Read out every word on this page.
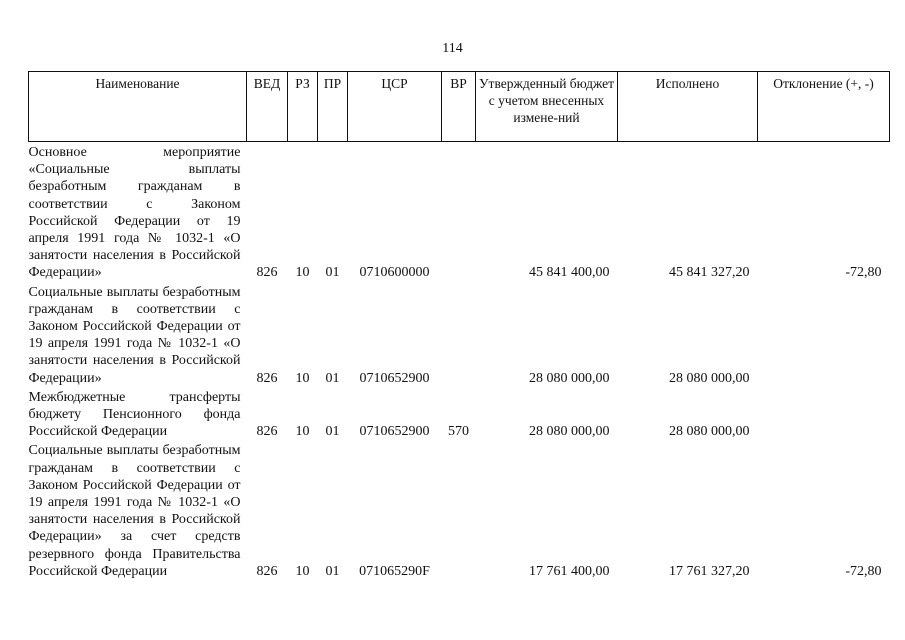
114
Наименование	ВЕД	РЗ	ПР	ЦСР	ВР	Утвержденный бюджет с учетом внесенных измене-ний	Исполнено	Отклонение (+, -)
Основное мероприятие «Социальные выплаты безработным гражданам в соответствии с Законом Российской Федерации от 19 апреля 1991 года № 1032-1 «О занятости населения в Российской Федерации»	826	10	01	0710600000		45 841 400,00	45 841 327,20	-72,80
Социальные выплаты безработным гражданам в соответствии с Законом Российской Федерации от 19 апреля 1991 года № 1032-1 «О занятости населения в Российской Федерации»	826	10	01	0710652900		28 080 000,00	28 080 000,00	
Межбюджетные трансферты бюджету Пенсионного фонда Российской Федерации	826	10	01	0710652900	570	28 080 000,00	28 080 000,00	
Социальные выплаты безработным гражданам в соответствии с Законом Российской Федерации от 19 апреля 1991 года № 1032-1 «О занятости населения в Российской Федерации» за счет средств резервного фонда Правительства Российской Федерации	826	10	01	071065290F		17 761 400,00	17 761 327,20	-72,80
